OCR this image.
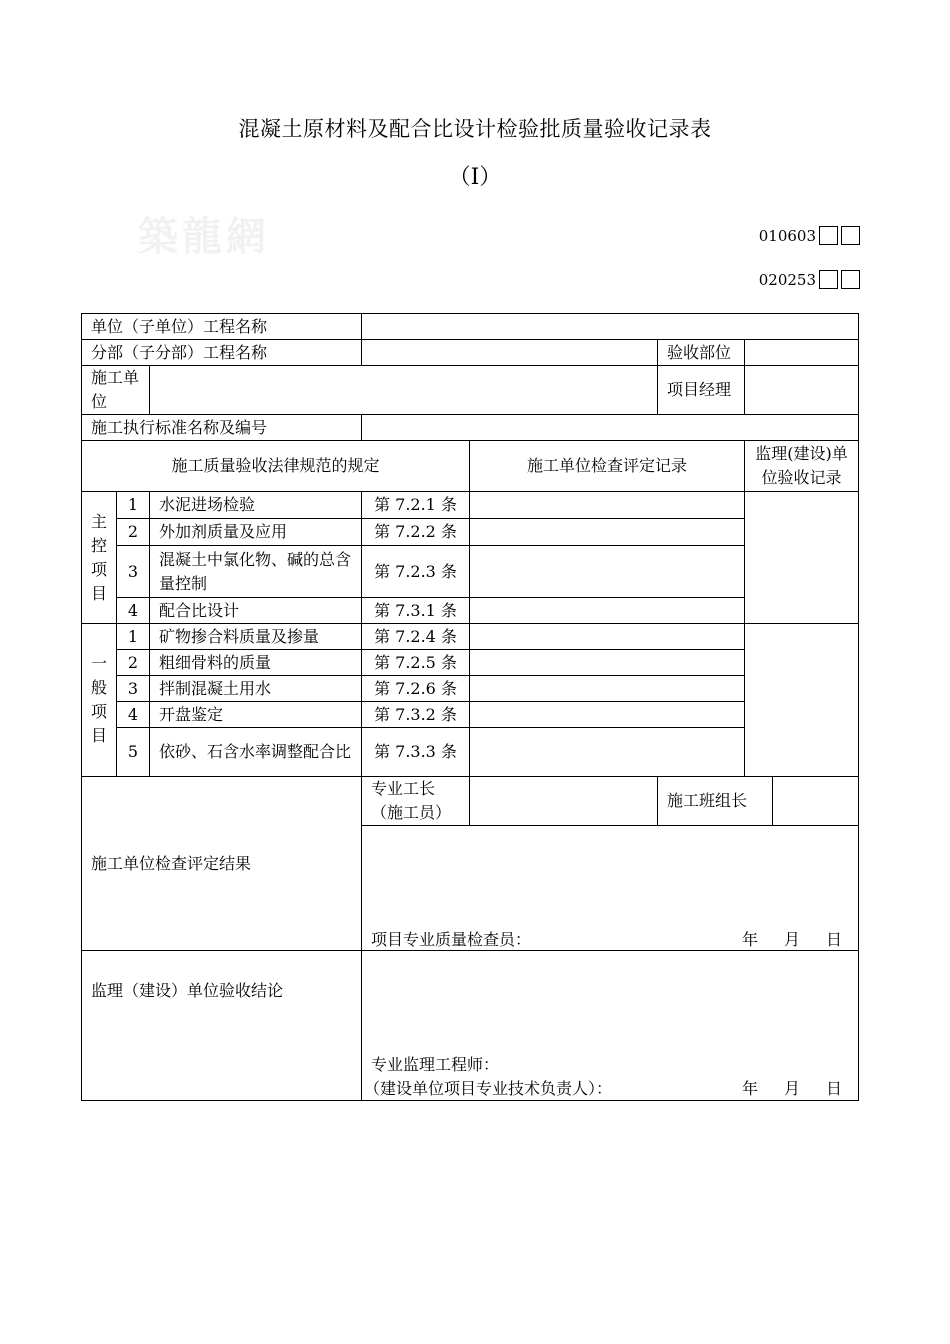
混凝土原材料及配合比设计检验批质量验收记录表
（Ⅰ）
築龍網	010603
020253
单位（子单位）工程名称							
分部（子分部）工程名称					验收部位		
施工单位					项目经理		
施工执行标准名称及编号							
施工质量验收法律规范的规定				施工单位检查评定记录		监理(建设)单位验收记录	

主
控
项
目	1	水泥进场检验	第 7.2.1 条				
	2	外加剂质量及应用	第 7.2.2 条				
	3	混凝土中氯化物、碱的总含量控制	第 7.2.3 条				
	4	配合比设计	第 7.3.1 条				

一
般
项
目	1	矿物掺合料质量及掺量	第 7.2.4 条				
	2	粗细骨料的质量	第 7.2.5 条				
	3	拌制混凝土用水	第 7.2.6 条				
	4	开盘鉴定	第 7.3.2 条				
	5	依砂、石含水率调整配合比	第 7.3.3 条				
施工单位检查评定结果			专业工长（施工员）		施工班组长		

			项目专业质量检查员： 年 月 日				

监理（建设）单位验收结论			专业监理工程师：
（建设单位项目专业技术负责人）： 年 月 日				
